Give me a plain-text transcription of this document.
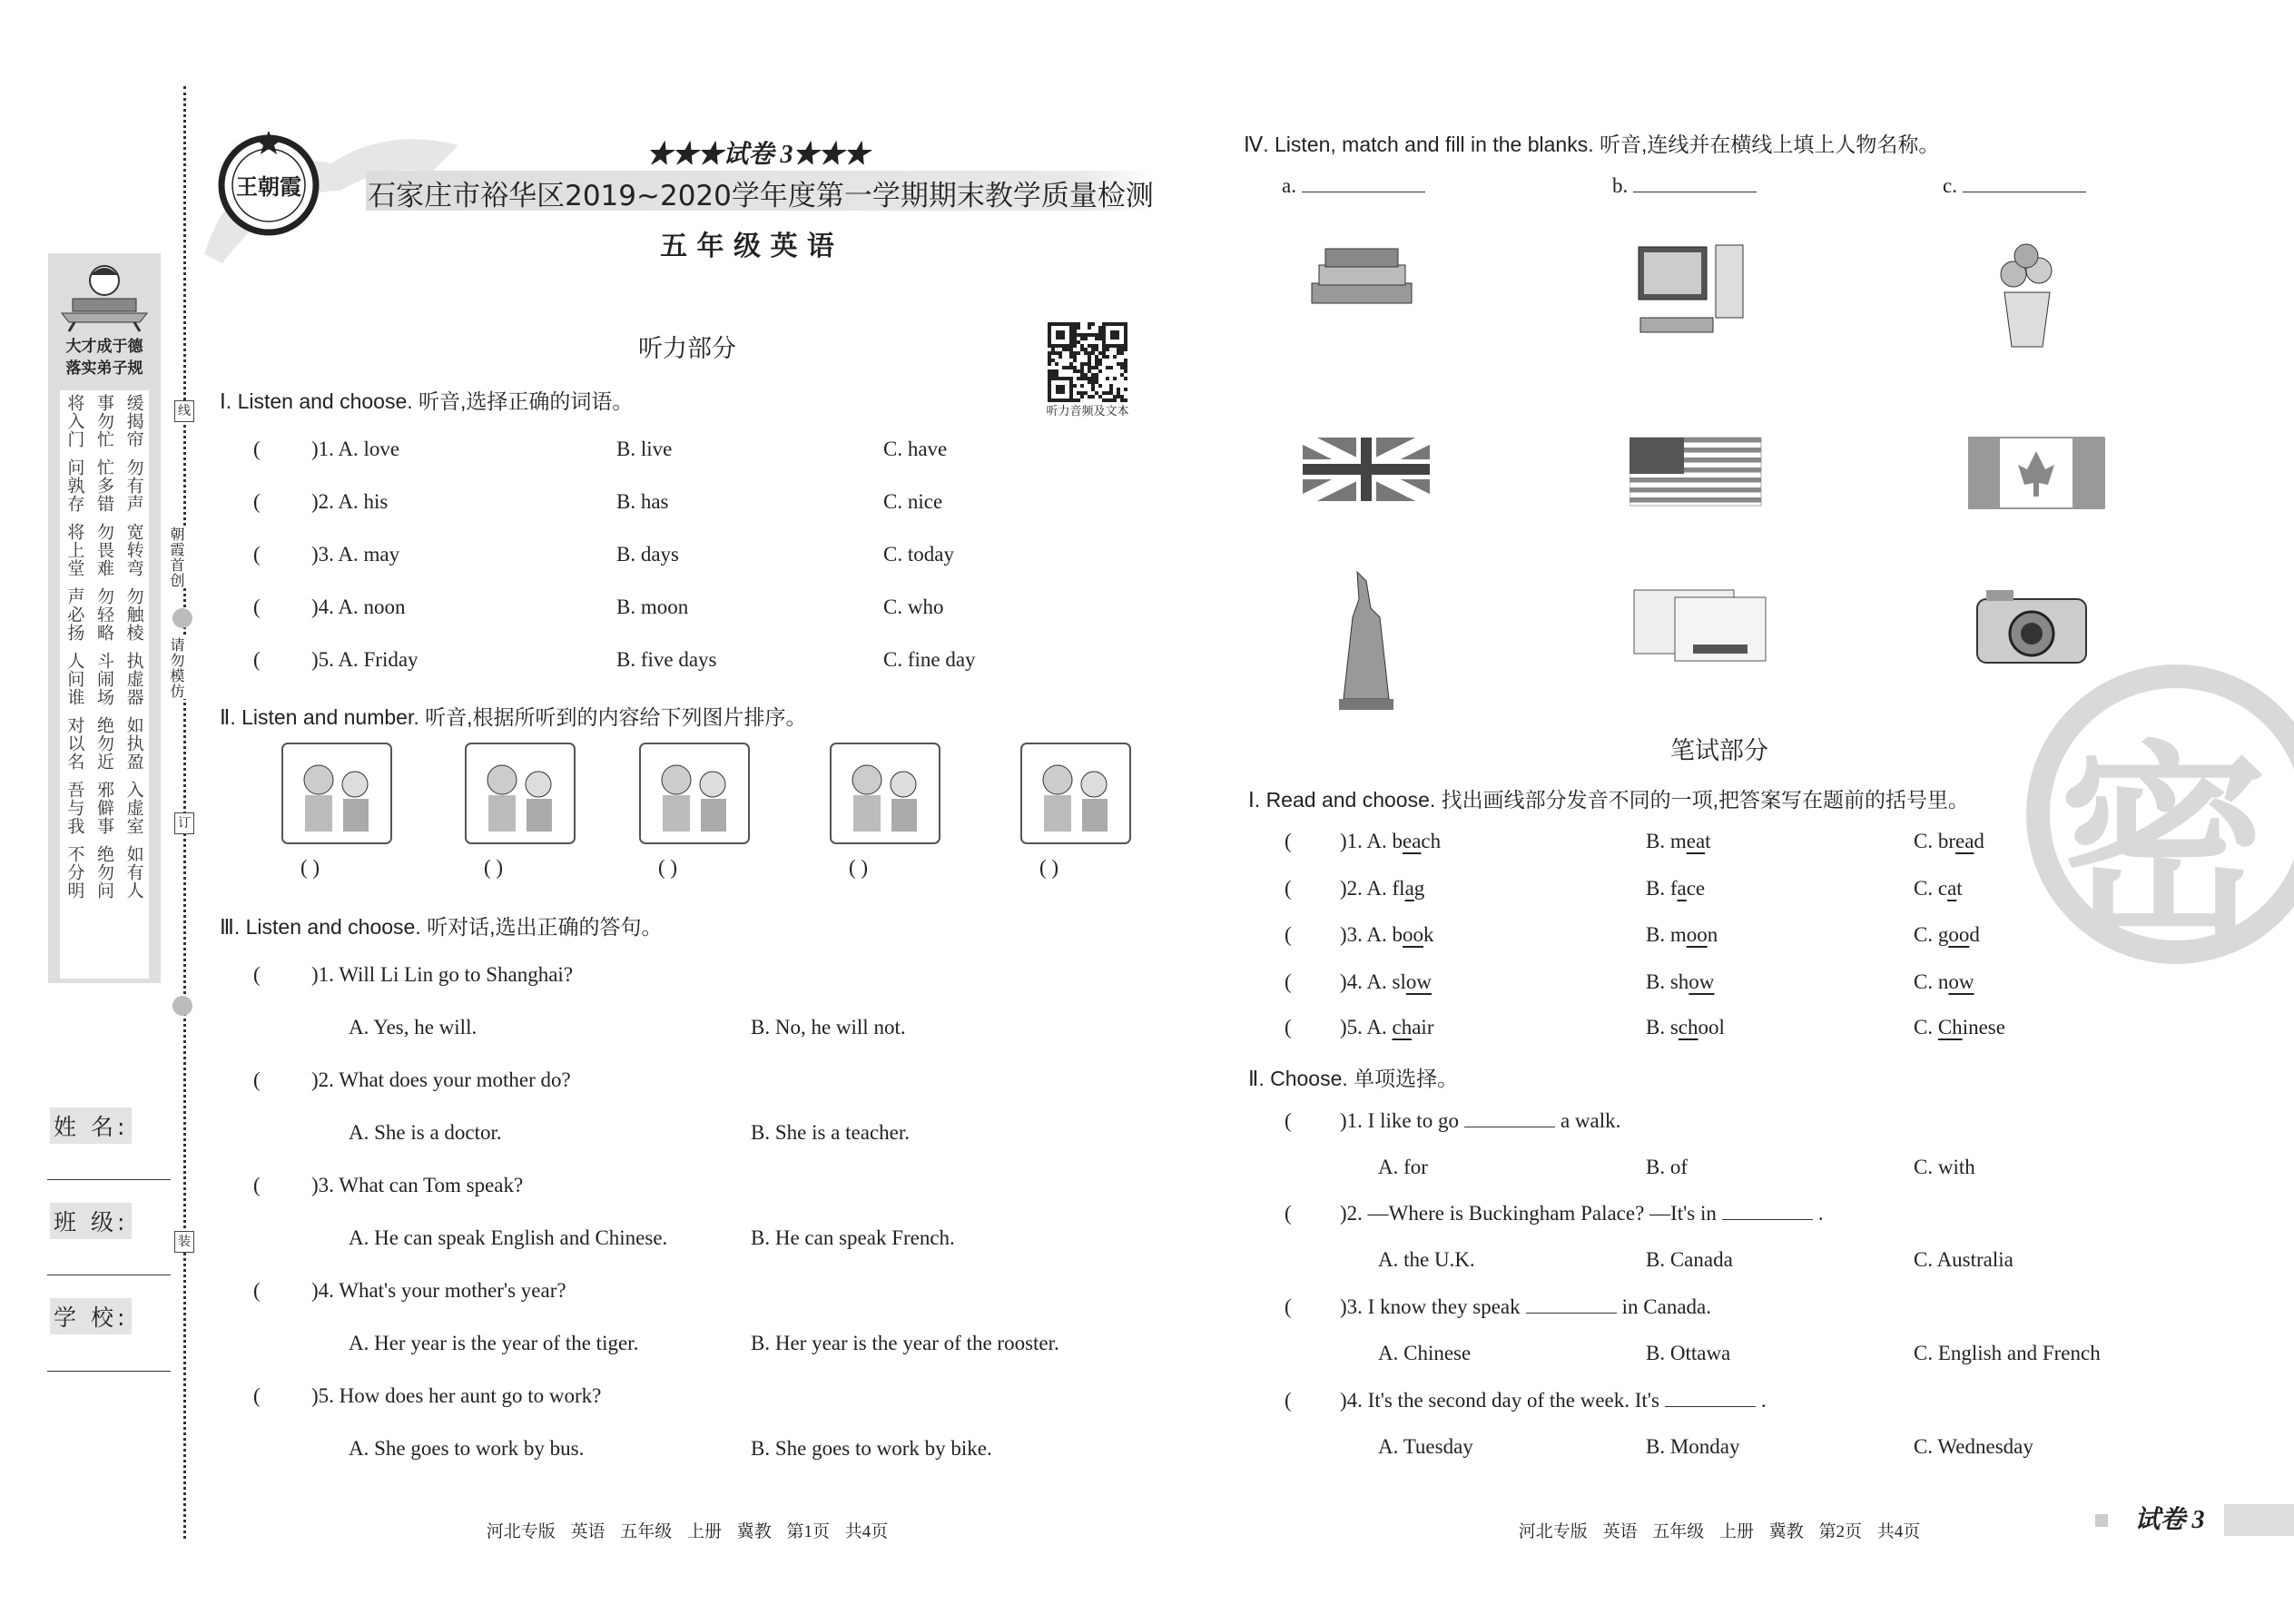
大才成于德
落实弟子规
将入门 事勿忙 缓揭帘
问孰存 忙多错 勿有声
将上堂 勿畏难 宽转弯
声必扬 勿轻略 勿触棱
人问谁 斗闹场 执虚器
对以名 绝勿近 如执盈
吾与我 邪僻事 入虚室
不分明 绝勿问 如有人
线
订
装
朝霞首创
请勿模仿
姓 名:
班 级:
学 校:
王朝霞
★★★试卷 3★★★
石家庄市裕华区2019~2020学年度第一学期期末教学质量检测
五 年 级 英 语
听力部分
听力音频及文本
Ⅰ. Listen and choose. 听音,选择正确的词语。
Ⅱ. Listen and number. 听音,根据所听到的内容给下列图片排序。
Ⅲ. Listen and choose. 听对话,选出正确的答句。
河北专版 英语 五年级 上册 冀教 第1页 共4页
密
Ⅳ. Listen, match and fill in the blanks. 听音,连线并在横线上填上人物名称。
笔试部分
Ⅰ. Read and choose. 找出画线部分发音不同的一项,把答案写在题前的括号里。
Ⅱ. Choose. 单项选择。
河北专版 英语 五年级 上册 冀教 第2页 共4页	试卷 3
( )1. A. love	B. live	C. have
( )2. A. his	B. has	C. nice
( )3. A. may	B. days	C. today
( )4. A. noon	B. moon	C. who
( )5. A. Friday	B. five days	C. fine day
( )	( )	( )	( )	( )
( )1. Will Li Lin go to Shanghai?
A. Yes, he will.	B. No, he will not.
( )2. What does your mother do?
A. She is a doctor.	B. She is a teacher.
( )3. What can Tom speak?
A. He can speak English and Chinese.	B. He can speak French.
( )4. What's your mother's year?
A. Her year is the year of the tiger.	B. Her year is the year of the rooster.
( )5. How does her aunt go to work?
A. She goes to work by bus.	B. She goes to work by bike.
a.	b.	c.
( )1. A. beach	B. meat	C. bread
( )2. A. flag	B. face	C. cat
( )3. A. book	B. moon	C. good
( )4. A. slow	B. show	C. now
( )5. A. chair	B. school	C. Chinese
( )1. I like to go	a walk.
A. for	B. of	C. with
( )2. —Where is Buckingham Palace? —It's in	.
A. the U.K.	B. Canada	C. Australia
( )3. I know they speak	in Canada.
A. Chinese	B. Ottawa	C. English and French
( )4. It's the second day of the week. It's	.
A. Tuesday	B. Monday	C. Wednesday
